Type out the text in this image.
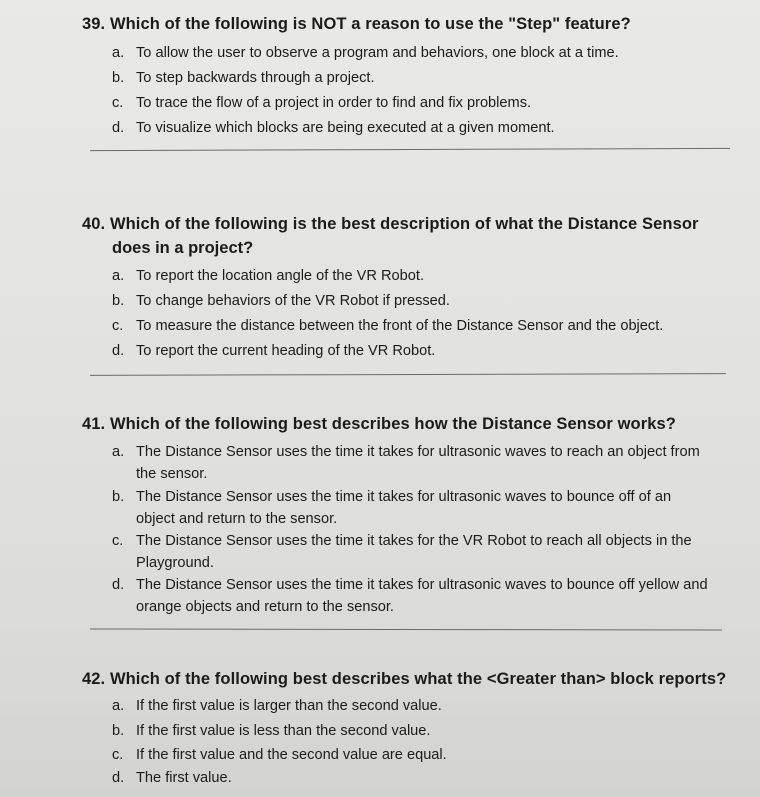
39. Which of the following is NOT a reason to use the "Step" feature?
a. To allow the user to observe a program and behaviors, one block at a time.
b. To step backwards through a project.
c. To trace the flow of a project in order to find and fix problems.
d. To visualize which blocks are being executed at a given moment.
40. Which of the following is the best description of what the Distance Sensor
does in a project?
a. To report the location angle of the VR Robot.
b. To change behaviors of the VR Robot if pressed.
c. To measure the distance between the front of the Distance Sensor and the object.
d. To report the current heading of the VR Robot.
41. Which of the following best describes how the Distance Sensor works?
a. The Distance Sensor uses the time it takes for ultrasonic waves to reach an object from
the sensor.
b. The Distance Sensor uses the time it takes for ultrasonic waves to bounce off of an
object and return to the sensor.
c. The Distance Sensor uses the time it takes for the VR Robot to reach all objects in the
Playground.
d. The Distance Sensor uses the time it takes for ultrasonic waves to bounce off yellow and
orange objects and return to the sensor.
42. Which of the following best describes what the <Greater than> block reports?
a. If the first value is larger than the second value.
b. If the first value is less than the second value.
c. If the first value and the second value are equal.
d. The first value.
